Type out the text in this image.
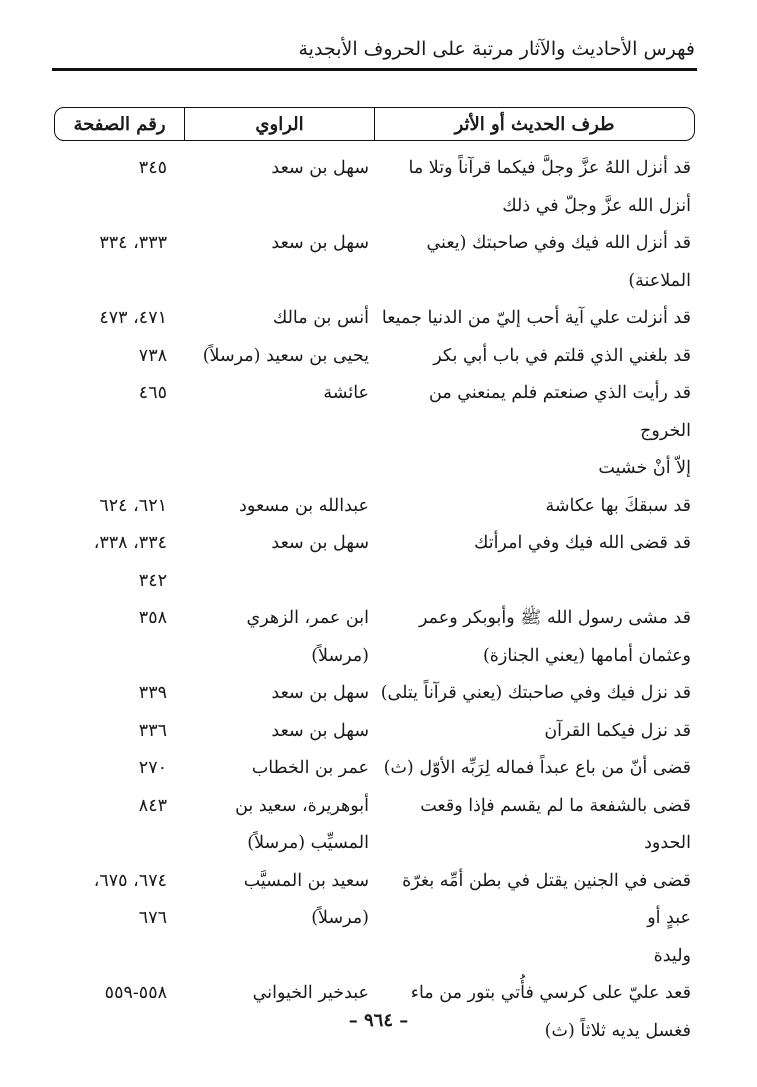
فهرس الأحاديث والآثار مرتبة على الحروف الأبجدية
طرف الحديث أو الأثر
الراوي
رقم الصفحة
قد أنزل اللهُ عزَّ وجلَّ فيكما قرآناً وتلا ما
أنزل الله عزَّ وجلّ في ذلك
سهل بن سعد
٣٤٥
قد أنزل الله فيك وفي صاحبتك (يعني
الملاعنة)
سهل بن سعد
٣٣٣، ٣٣٤
قد أنزلت علي آية أحب إليّ من الدنيا جميعا
أنس بن مالك
٤٧١، ٤٧٣
قد بلغني الذي قلتم في باب أبي بكر
يحيى بن سعيد (مرسلاً)
٧٣٨
قد رأيت الذي صنعتم فلم يمنعني من الخروج
إلاّ أنْ خشيت
عائشة
٤٦٥
قد سبقكَ بها عكاشة
عبدالله بن مسعود
٦٢١، ٦٢٤
قد قضى الله فيك وفي امرأتك
سهل بن سعد
٣٣٤، ٣٣٨،
٣٤٢
قد مشى رسول الله ﷺ وأبوبكر وعمر
وعثمان أمامها (يعني الجنازة)
ابن عمر، الزهري
(مرسلاً)
٣٥٨
قد نزل فيك وفي صاحبتك (يعني قرآناً يتلى)
سهل بن سعد
٣٣٩
قد نزل فيكما القرآن
سهل بن سعد
٣٣٦
قضى أنّ من باع عبداً فماله لِرَبِّه الأوّل (ث)
عمر بن الخطاب
٢٧٠
قضى بالشفعة ما لم يقسم فإذا وقعت الحدود
أبوهريرة، سعيد بن
المسيِّب (مرسلاً)
٨٤٣
قضى في الجنين يقتل في بطن أمِّه بغرّة عبدٍ أو
وليدة
سعيد بن المسيَّب
(مرسلاً)
٦٧٤، ٦٧٥،
٦٧٦
قعد عليّ على كرسي فأُتي بتور من ماء
فغسل يديه ثلاثاً (ث)
عبدخير الخيواني
٥٥٨-٥٥٩
– ٩٦٤ –
